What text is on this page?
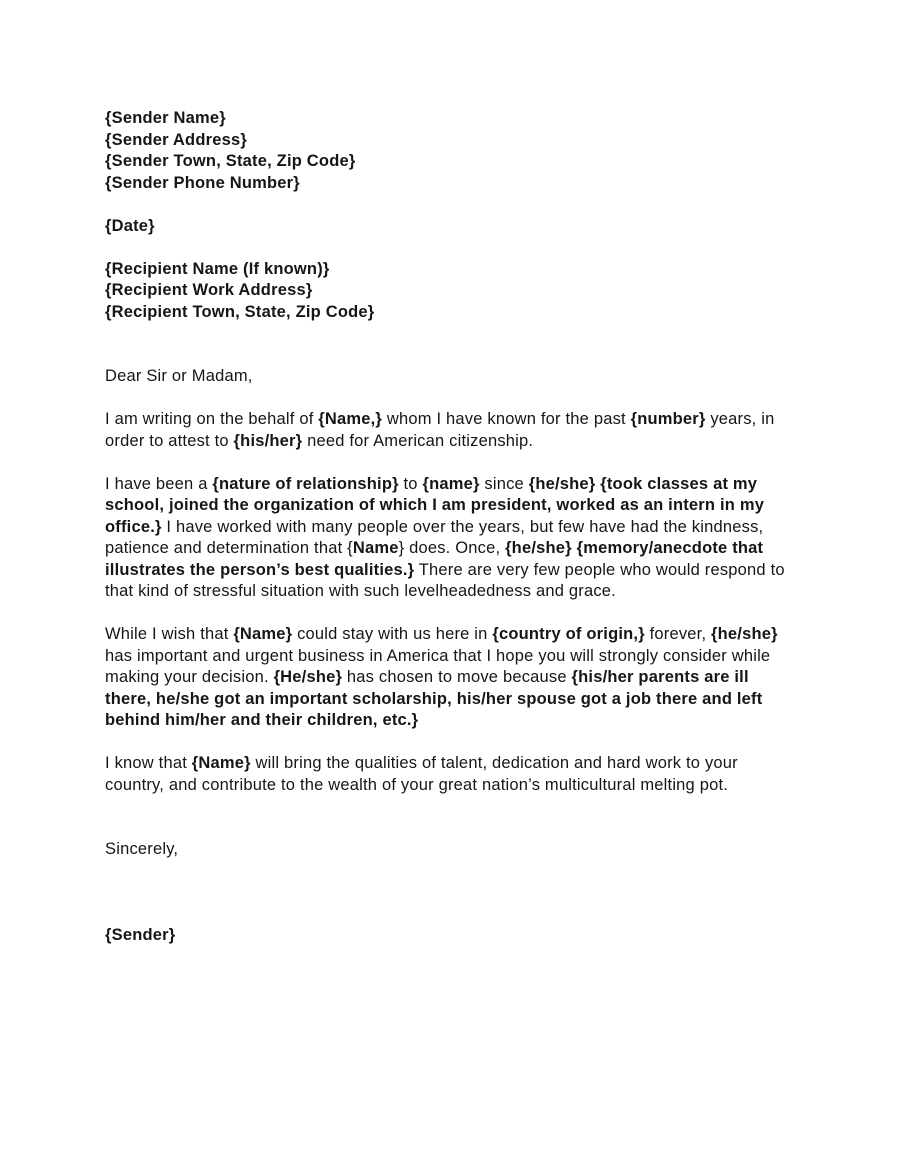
{Sender Name}
{Sender Address}
{Sender Town, State, Zip Code}
{Sender Phone Number}
{Date}
{Recipient Name (If known)}
{Recipient Work Address}
{Recipient Town, State, Zip Code}
Dear Sir or Madam,

I am writing on the behalf of {Name,} whom I have known for the past {number} years, in order to attest to {his/her} need for American citizenship.

I have been a {nature of relationship} to {name} since {he/she} {took classes at my school, joined the organization of which I am president, worked as an intern in my office.} I have worked with many people over the years, but few have had the kindness, patience and determination that {Name} does. Once, {he/she} {memory/anecdote that illustrates the person’s best qualities.} There are very few people who would respond to that kind of stressful situation with such levelheadedness and grace.

While I wish that {Name} could stay with us here in {country of origin,} forever, {he/she} has important and urgent business in America that I hope you will strongly consider while making your decision. {He/she} has chosen to move because {his/her parents are ill there, he/she got an important scholarship, his/her spouse got a job there and left behind him/her and their children, etc.}

I know that {Name} will bring the qualities of talent, dedication and hard work to your country, and contribute to the wealth of your great nation’s multicultural melting pot.

Sincerely,
{Sender}
